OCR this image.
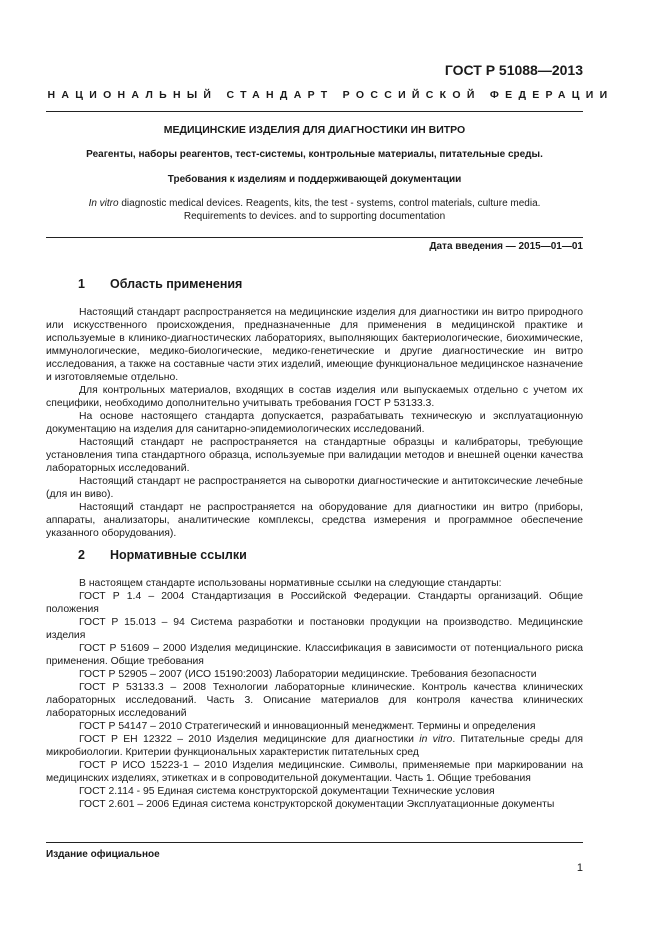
ГОСТ Р 51088—2013
НАЦИОНАЛЬНЫЙ СТАНДАРТ РОССИЙСКОЙ ФЕДЕРАЦИИ
МЕДИЦИНСКИЕ ИЗДЕЛИЯ ДЛЯ ДИАГНОСТИКИ ИН ВИТРО
Реагенты, наборы реагентов, тест-системы, контрольные материалы, питательные среды.
Требования к изделиям и поддерживающей документации
In vitro diagnostic medical devices. Reagents, kits, the test - systems, control materials, culture media.
Requirements to devices. and to supporting documentation
Дата введения — 2015—01—01
1 Область применения

Настоящий стандарт распространяется на медицинские изделия для диагностики ин витро природного или искусственного происхождения, предназначенные для применения в медицинской практике и используемые в клинико-диагностических лабораториях, выполняющих бактериологические, биохимические, иммунологические, медико-биологические, медико-генетические и другие диагностические ин витро исследования, а также на составные части этих изделий, имеющие функциональное медицинское назначение и изготовляемые отдельно.

Для контрольных материалов, входящих в состав изделия или выпускаемых отдельно с учетом их специфики, необходимо дополнительно учитывать требования ГОСТ Р 53133.3.

На основе настоящего стандарта допускается, разрабатывать техническую и эксплуатационную документацию на изделия для санитарно-эпидемиологических исследований.

Настоящий стандарт не распространяется на стандартные образцы и калибраторы, требующие установления типа стандартного образца, используемые при валидации методов и внешней оценки качества лабораторных исследований.

Настоящий стандарт не распространяется на сыворотки диагностические и антитоксические лечебные (для ин виво).

Настоящий стандарт не распространяется на оборудование для диагностики ин витро (приборы, аппараты, анализаторы, аналитические комплексы, средства измерения и программное обеспечение указанного оборудования).

2 Нормативные ссылки

В настоящем стандарте использованы нормативные ссылки на следующие стандарты:

ГОСТ Р 1.4 – 2004 Стандартизация в Российской Федерации. Стандарты организаций. Общие положения

ГОСТ Р 15.013 – 94 Система разработки и постановки продукции на производство. Медицинские изделия

ГОСТ Р 51609 – 2000 Изделия медицинские. Классификация в зависимости от потенциального риска применения. Общие требования

ГОСТ Р 52905 – 2007 (ИСО 15190:2003) Лаборатории медицинские. Требования безопасности

ГОСТ Р 53133.3 – 2008 Технологии лабораторные клинические. Контроль качества клинических лабораторных исследований. Часть 3. Описание материалов для контроля качества клинических лабораторных исследований

ГОСТ Р 54147 – 2010 Стратегический и инновационный менеджмент. Термины и определения

ГОСТ Р ЕН 12322 – 2010 Изделия медицинские для диагностики in vitro. Питательные среды для микробиологии. Критерии функциональных характеристик питательных сред

ГОСТ Р ИСО 15223-1 – 2010 Изделия медицинские. Символы, применяемые при маркировании на медицинских изделиях, этикетках и в сопроводительной документации. Часть 1. Общие требования

ГОСТ 2.114 - 95 Единая система конструкторской документации Технические условия

ГОСТ 2.601 – 2006 Единая система конструкторской документации Эксплуатационные документы

Издание официальное
1
